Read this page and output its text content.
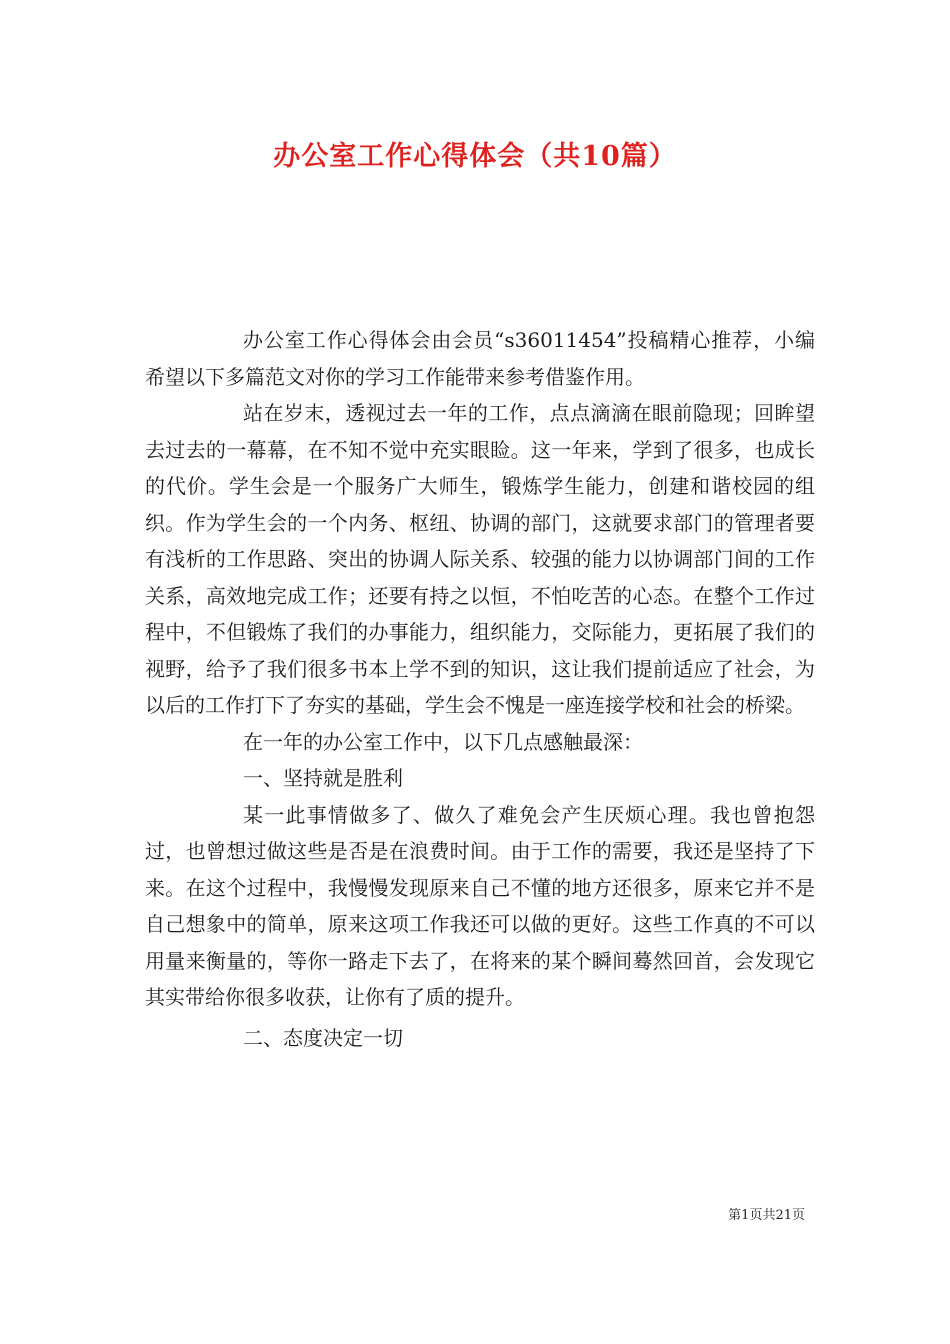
办公室工作心得体会（共10篇）

办公室工作心得体会由会员“s36011454”投稿精心推荐，小编希望以下多篇范文对你的学习工作能带来参考借鉴作用。

站在岁末，透视过去一年的工作，点点滴滴在眼前隐现；回眸望去过去的一幕幕，在不知不觉中充实眼睑。这一年来，学到了很多，也成长的代价。学生会是一个服务广大师生，锻炼学生能力，创建和谐校园的组织。作为学生会的一个内务、枢纽、协调的部门，这就要求部门的管理者要有浅析的工作思路、突出的协调人际关系、较强的能力以协调部门间的工作关系，高效地完成工作；还要有持之以恒，不怕吃苦的心态。在整个工作过程中，不但锻炼了我们的办事能力，组织能力，交际能力，更拓展了我们的视野，给予了我们很多书本上学不到的知识，这让我们提前适应了社会，为以后的工作打下了夯实的基础，学生会不愧是一座连接学校和社会的桥梁。

在一年的办公室工作中，以下几点感触最深：

一、坚持就是胜利

某一此事情做多了、做久了难免会产生厌烦心理。我也曾抱怨过，也曾想过做这些是否是在浪费时间。由于工作的需要，我还是坚持了下来。在这个过程中，我慢慢发现原来自己不懂的地方还很多，原来它并不是自己想象中的简单，原来这项工作我还可以做的更好。这些工作真的不可以用量来衡量的，等你一路走下去了，在将来的某个瞬间蓦然回首，会发现它其实带给你很多收获，让你有了质的提升。

二、态度决定一切

第1页共21页
